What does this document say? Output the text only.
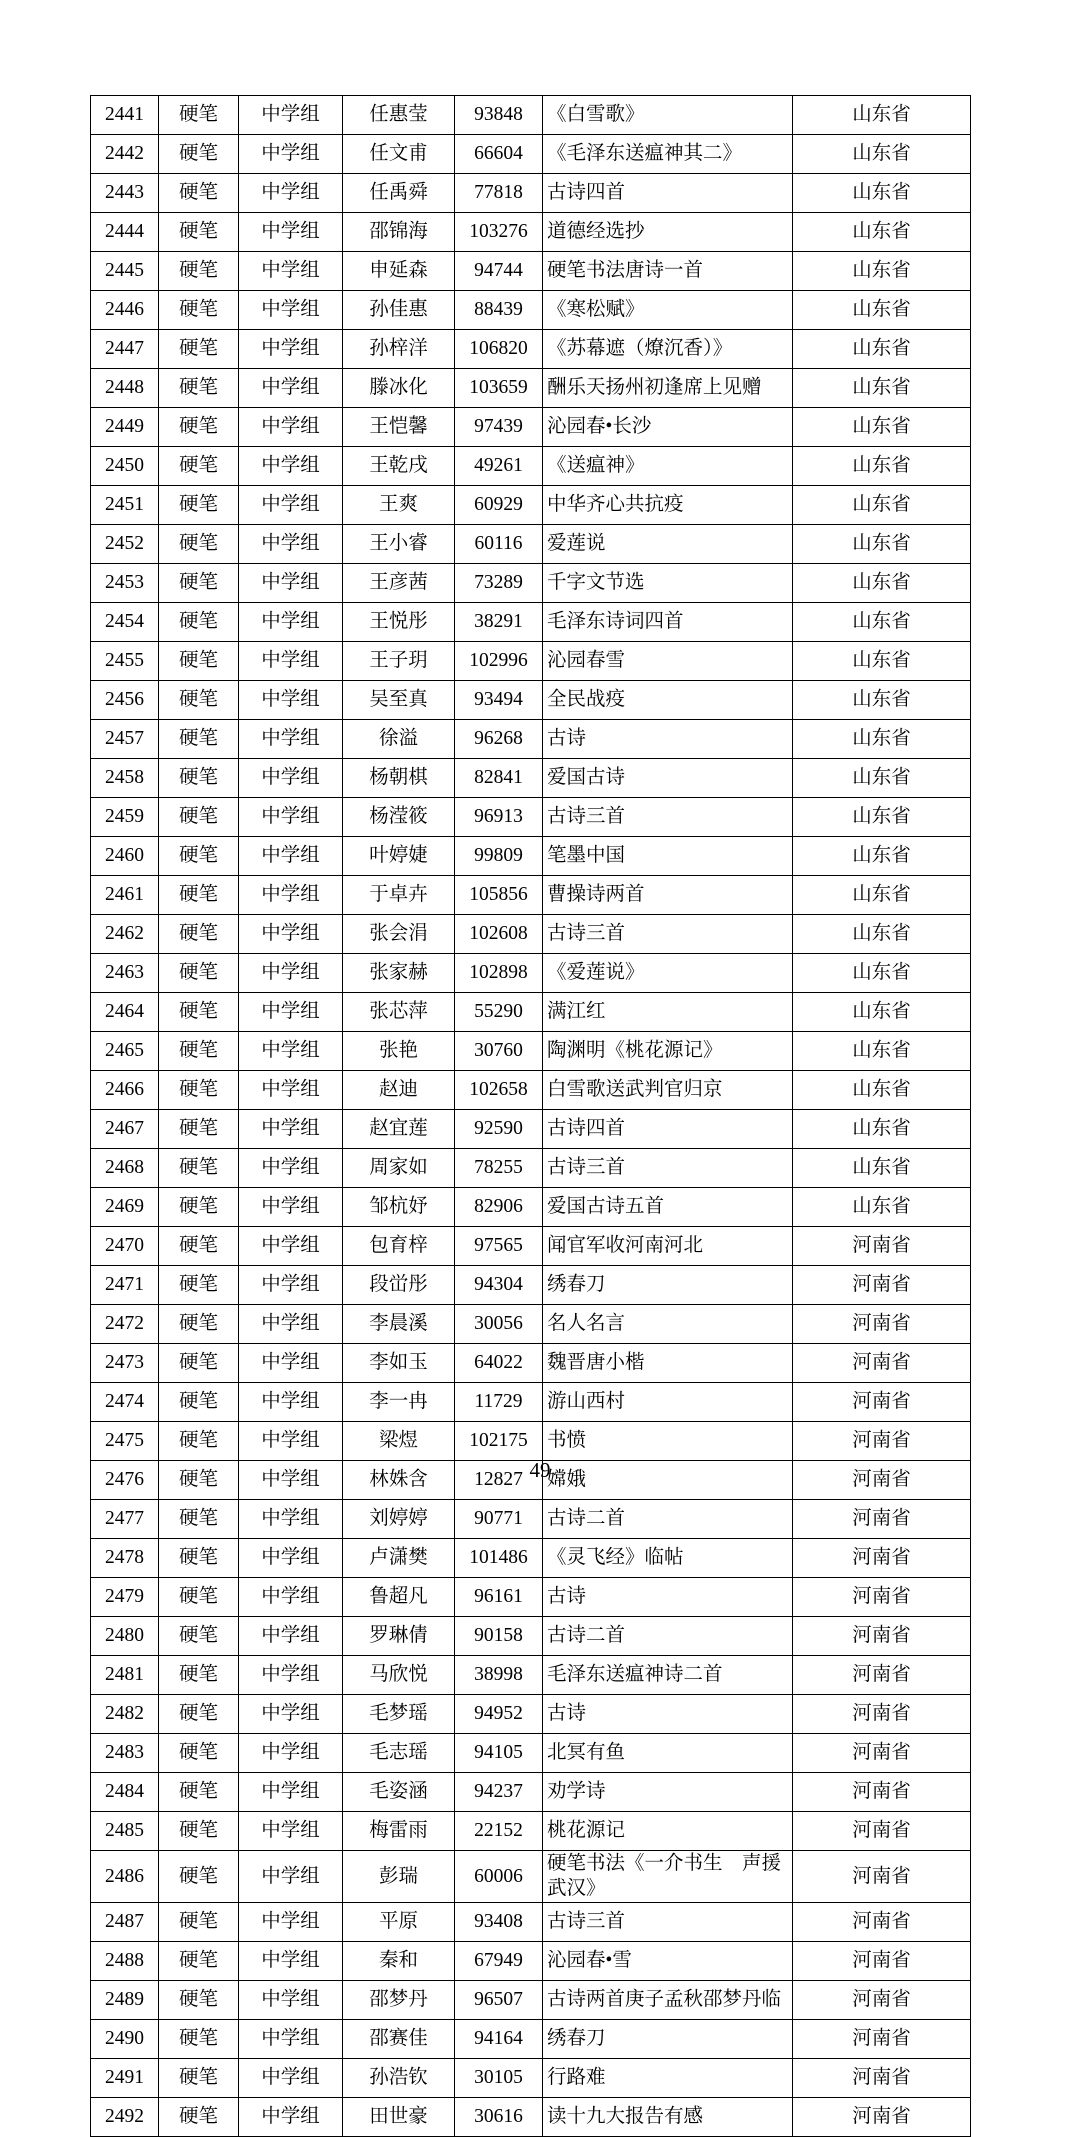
2441	硬笔	中学组	任惠莹	93848	《白雪歌》	山东省
2442	硬笔	中学组	任文甫	66604	《毛泽东送瘟神其二》	山东省
2443	硬笔	中学组	任禹舜	77818	古诗四首	山东省
2444	硬笔	中学组	邵锦海	103276	道德经选抄	山东省
2445	硬笔	中学组	申延森	94744	硬笔书法唐诗一首	山东省
2446	硬笔	中学组	孙佳惠	88439	《寒松赋》	山东省
2447	硬笔	中学组	孙梓洋	106820	《苏幕遮（燎沉香）》	山东省
2448	硬笔	中学组	滕冰化	103659	酬乐天扬州初逢席上见赠	山东省
2449	硬笔	中学组	王恺馨	97439	沁园春•长沙	山东省
2450	硬笔	中学组	王乾戌	49261	《送瘟神》	山东省
2451	硬笔	中学组	王爽	60929	中华齐心共抗疫	山东省
2452	硬笔	中学组	王小睿	60116	爱莲说	山东省
2453	硬笔	中学组	王彦茜	73289	千字文节选	山东省
2454	硬笔	中学组	王悦彤	38291	毛泽东诗词四首	山东省
2455	硬笔	中学组	王子玥	102996	沁园春雪	山东省
2456	硬笔	中学组	吴至真	93494	全民战疫	山东省
2457	硬笔	中学组	徐溢	96268	古诗	山东省
2458	硬笔	中学组	杨朝棋	82841	爱国古诗	山东省
2459	硬笔	中学组	杨滢筱	96913	古诗三首	山东省
2460	硬笔	中学组	叶婷婕	99809	笔墨中国	山东省
2461	硬笔	中学组	于卓卉	105856	曹操诗两首	山东省
2462	硬笔	中学组	张会涓	102608	古诗三首	山东省
2463	硬笔	中学组	张家赫	102898	《爱莲说》	山东省
2464	硬笔	中学组	张芯萍	55290	满江红	山东省
2465	硬笔	中学组	张艳	30760	陶渊明《桃花源记》	山东省
2466	硬笔	中学组	赵迪	102658	白雪歌送武判官归京	山东省
2467	硬笔	中学组	赵宜莲	92590	古诗四首	山东省
2468	硬笔	中学组	周家如	78255	古诗三首	山东省
2469	硬笔	中学组	邹杭妤	82906	爱国古诗五首	山东省
2470	硬笔	中学组	包育梓	97565	闻官军收河南河北	河南省
2471	硬笔	中学组	段峃彤	94304	绣春刀	河南省
2472	硬笔	中学组	李晨溪	30056	名人名言	河南省
2473	硬笔	中学组	李如玉	64022	魏晋唐小楷	河南省
2474	硬笔	中学组	李一冉	11729	游山西村	河南省
2475	硬笔	中学组	梁煜	102175	书愤	河南省
2476	硬笔	中学组	林姝含	12827	嫦娥	河南省
2477	硬笔	中学组	刘婷婷	90771	古诗二首	河南省
2478	硬笔	中学组	卢潇樊	101486	《灵飞经》临帖	河南省
2479	硬笔	中学组	鲁超凡	96161	古诗	河南省
2480	硬笔	中学组	罗琳倩	90158	古诗二首	河南省
2481	硬笔	中学组	马欣悦	38998	毛泽东送瘟神诗二首	河南省
2482	硬笔	中学组	毛梦瑶	94952	古诗	河南省
2483	硬笔	中学组	毛志瑶	94105	北冥有鱼	河南省
2484	硬笔	中学组	毛姿涵	94237	劝学诗	河南省
2485	硬笔	中学组	梅雷雨	22152	桃花源记	河南省
2486	硬笔	中学组	彭瑞	60006	硬笔书法《一介书生　声援武汉》	河南省
2487	硬笔	中学组	平原	93408	古诗三首	河南省
2488	硬笔	中学组	秦和	67949	沁园春•雪	河南省
2489	硬笔	中学组	邵梦丹	96507	古诗两首庚子孟秋邵梦丹临	河南省
2490	硬笔	中学组	邵赛佳	94164	绣春刀	河南省
2491	硬笔	中学组	孙浩钦	30105	行路难	河南省
2492	硬笔	中学组	田世豪	30616	读十九大报告有感	河南省
49
